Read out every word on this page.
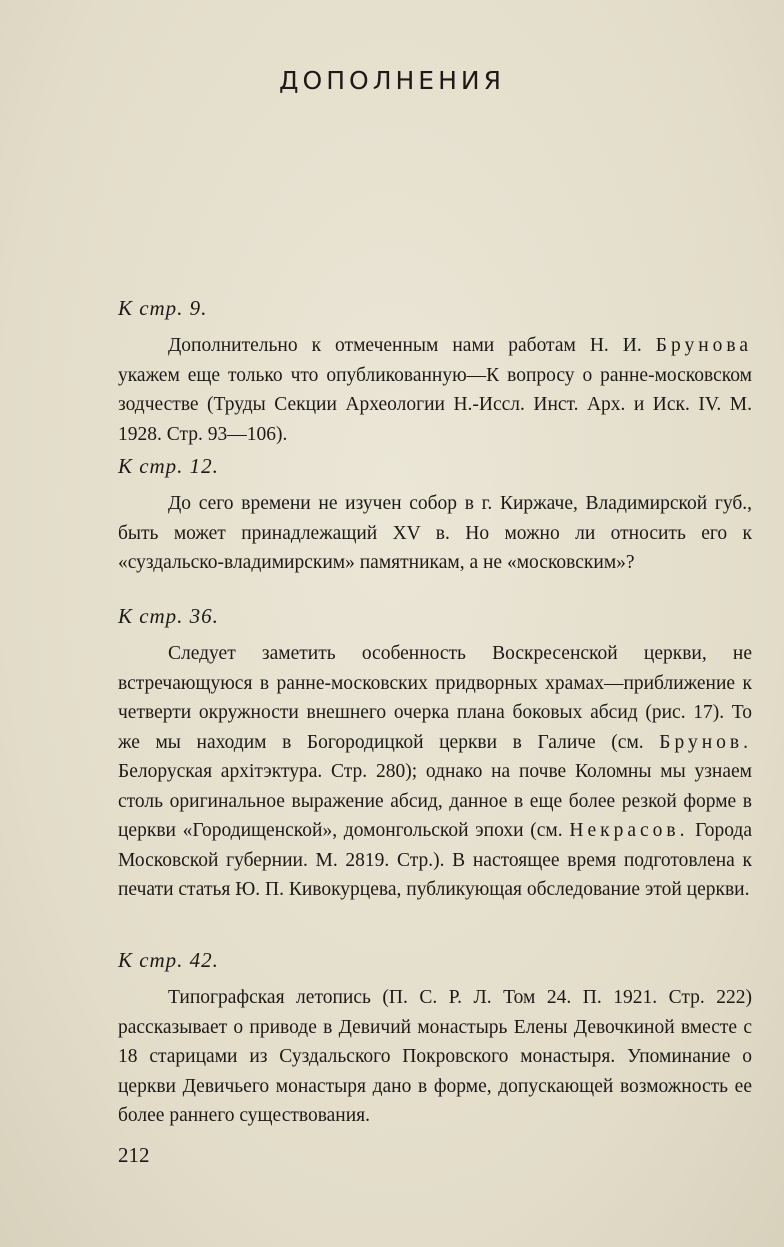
ДОПОЛНЕНИЯ

К стр. 9.

Дополнительно к отмеченным нами работам Н. И. Брунова укажем еще только что опубликованную—К вопросу о ранне-московском зодчестве (Труды Секции Археологии Н.-Иссл. Инст. Арх. и Иск. IV. М. 1928. Стр. 93—106).

К стр. 12.

До сего времени не изучен собор в г. Киржаче, Владимирской губ., быть может принадлежащий XV в. Но можно ли относить его к «суздальско-владимирским» памятникам, а не «московским»?

К стр. 36.

Следует заметить особенность Воскресенской церкви, не встречающуюся в ранне-московских придворных храмах—приближение к четверти окружности внешнего очерка плана боковых абсид (рис. 17). То же мы находим в Богородицкой церкви в Галиче (см. Брунов. Белоруская архiтэктура. Стр. 280); однако на почве Коломны мы узнаем столь оригинальное выражение абсид, данное в еще более резкой форме в церкви «Городищенской», домонгольской эпохи (см. Некрасов. Города Московской губернии. М. 2819. Стр.). В настоящее время подготовлена к печати статья Ю. П. Кивокурцева, публикующая обследование этой церкви.

К стр. 42.

Типографская летопись (П. С. Р. Л. Том 24. П. 1921. Стр. 222) рассказывает о приводе в Девичий монастырь Елены Девочкиной вместе с 18 старицами из Суздальского Покровского монастыря. Упоминание о церкви Девичьего монастыря дано в форме, допускающей возможность ее более раннего существования.

212
